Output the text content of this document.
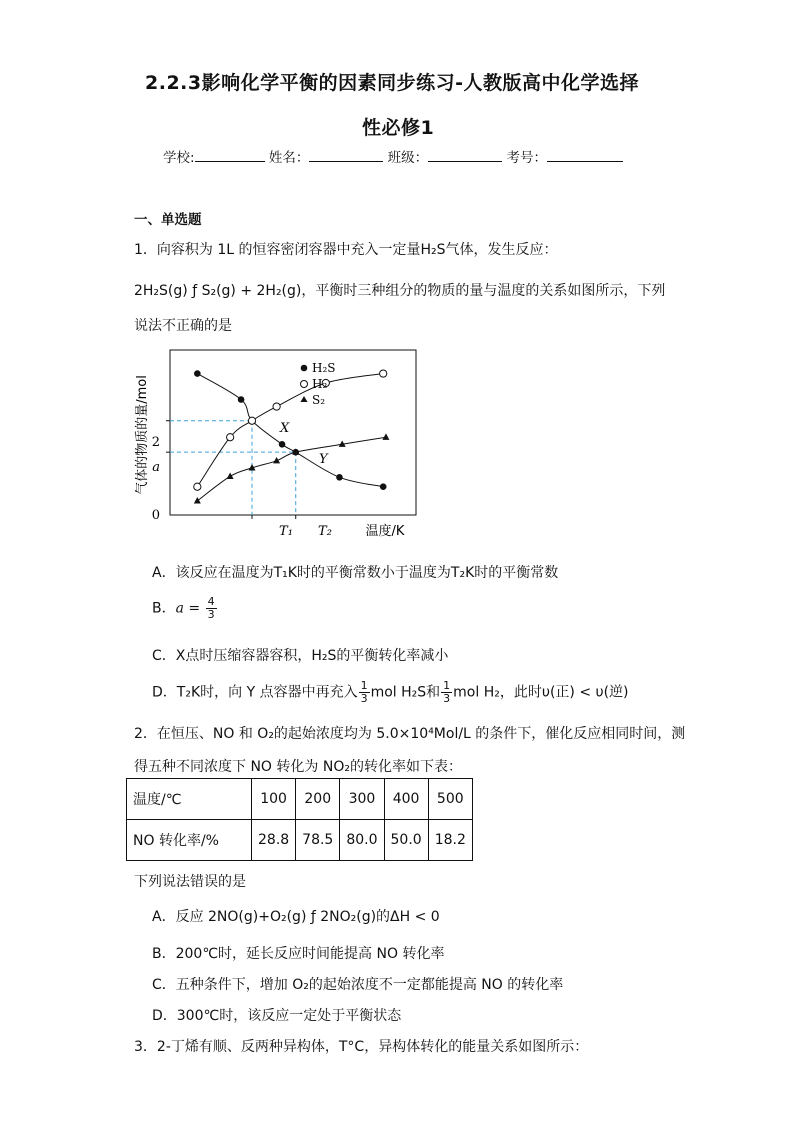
2.2.3影响化学平衡的因素同步练习-人教版高中化学选择
性必修1
学校:	姓名：	班级：	考号：
一、单选题
1．向容积为 1L 的恒容密闭容器中充入一定量H₂S气体，发生反应：
2H₂S(g) ƒ S₂(g) + 2H₂(g)，平衡时三种组分的物质的量与温度的关系如图所示，下列
说法不正确的是
2
a
0
T₁ T₂	温度/K
气体的物质的量/mol	X
Y
H₂S
H₂
S₂
A．该反应在温度为T₁K时的平衡常数小于温度为T₂K时的平衡常数
B．$a = \frac{4}{3}$
C．X点时压缩容器容积，H₂S的平衡转化率减小
D．T₂K时，向 Y 点容器中再充入 $\frac{1}{3}$ mol H₂S和 $\frac{1}{3}$ mol H₂，此时υ(正) < υ(逆)
2．在恒压、NO 和 O₂的起始浓度均为 5.0×10⁴Mol/L 的条件下，催化反应相同时间，测
得五种不同浓度下 NO 转化为 NO₂的转化率如下表：
温度/℃	100	200	300	400	500
NO 转化率/%	28.8	78.5	80.0	50.0	18.2
下列说法错误的是
A．反应 2NO(g)+O₂(g) ƒ 2NO₂(g)的ΔH < 0
B．200℃时，延长反应时间能提高 NO 转化率
C．五种条件下，增加 O₂的起始浓度不一定都能提高 NO 的转化率
D．300℃时，该反应一定处于平衡状态
3．2-丁烯有顺、反两种异构体，T°C，异构体转化的能量关系如图所示：
